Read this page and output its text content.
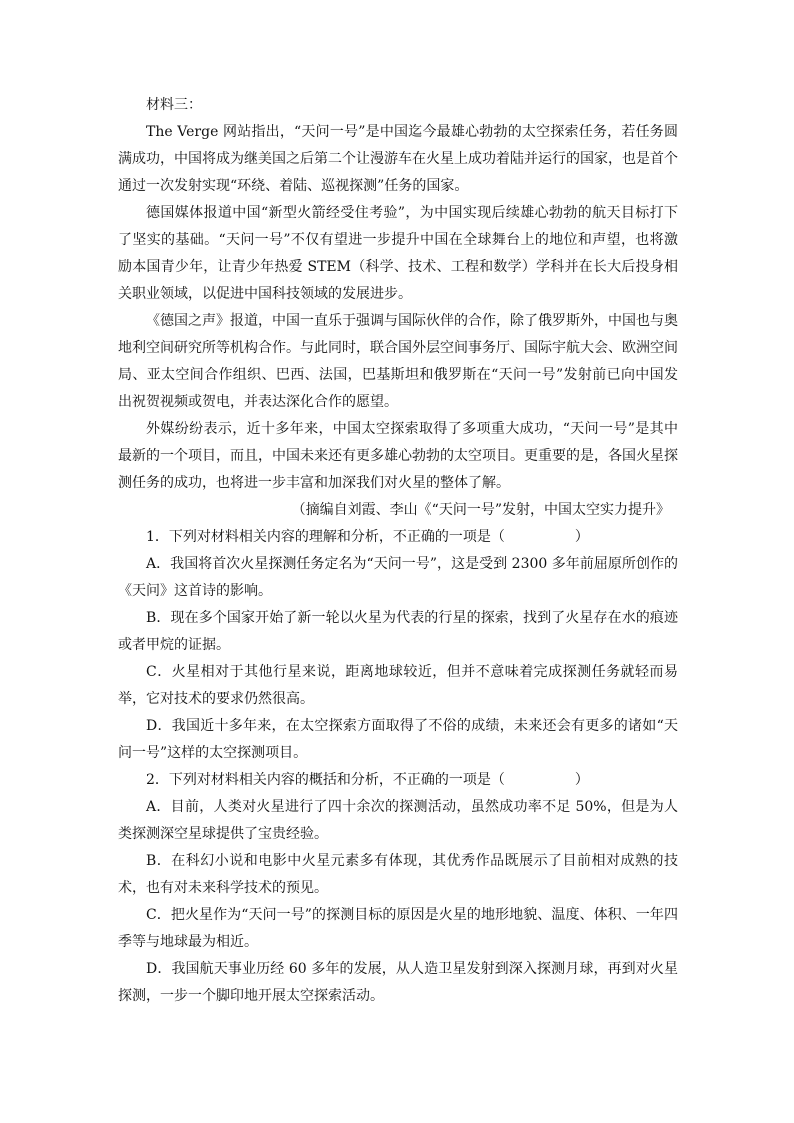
材料三：

The Verge 网站指出，“天问一号”是中国迄今最雄心勃勃的太空探索任务，若任务圆满成功，中国将成为继美国之后第二个让漫游车在火星上成功着陆并运行的国家，也是首个通过一次发射实现“环绕、着陆、巡视探测”任务的国家。

德国媒体报道中国“新型火箭经受住考验”，为中国实现后续雄心勃勃的航天目标打下了坚实的基础。“天问一号”不仅有望进一步提升中国在全球舞台上的地位和声望，也将激励本国青少年，让青少年热爱 STEM（科学、技术、工程和数学）学科并在长大后投身相关职业领域，以促进中国科技领域的发展进步。

《德国之声》报道，中国一直乐于强调与国际伙伴的合作，除了俄罗斯外，中国也与奥地利空间研究所等机构合作。与此同时，联合国外层空间事务厅、国际宇航大会、欧洲空间局、亚太空间合作组织、巴西、法国，巴基斯坦和俄罗斯在“天问一号”发射前已向中国发出祝贺视频或贺电，并表达深化合作的愿望。

外媒纷纷表示，近十多年来，中国太空探索取得了多项重大成功，“天问一号”是其中最新的一个项目，而且，中国未来还有更多雄心勃勃的太空项目。更重要的是，各国火星探测任务的成功，也将进一步丰富和加深我们对火星的整体了解。

（摘编自刘霞、李山《“天问一号”发射，中国太空实力提升》

1．下列对材料相关内容的理解和分析，不正确的一项是（　　　　　）

A．我国将首次火星探测任务定名为“天问一号”，这是受到 2300 多年前屈原所创作的《天问》这首诗的影响。

B．现在多个国家开始了新一轮以火星为代表的行星的探索，找到了火星存在水的痕迹或者甲烷的证据。

C．火星相对于其他行星来说，距离地球较近，但并不意味着完成探测任务就轻而易举，它对技术的要求仍然很高。

D．我国近十多年来，在太空探索方面取得了不俗的成绩，未来还会有更多的诸如“天问一号”这样的太空探测项目。

2．下列对材料相关内容的概括和分析，不正确的一项是（　　　　　）

A．目前，人类对火星进行了四十余次的探测活动，虽然成功率不足 50%，但是为人类探测深空星球提供了宝贵经验。

B．在科幻小说和电影中火星元素多有体现，其优秀作品既展示了目前相对成熟的技术，也有对未来科学技术的预见。

C．把火星作为“天问一号”的探测目标的原因是火星的地形地貌、温度、体积、一年四季等与地球最为相近。

D．我国航天事业历经 60 多年的发展，从人造卫星发射到深入探测月球，再到对火星探测，一步一个脚印地开展太空探索活动。
